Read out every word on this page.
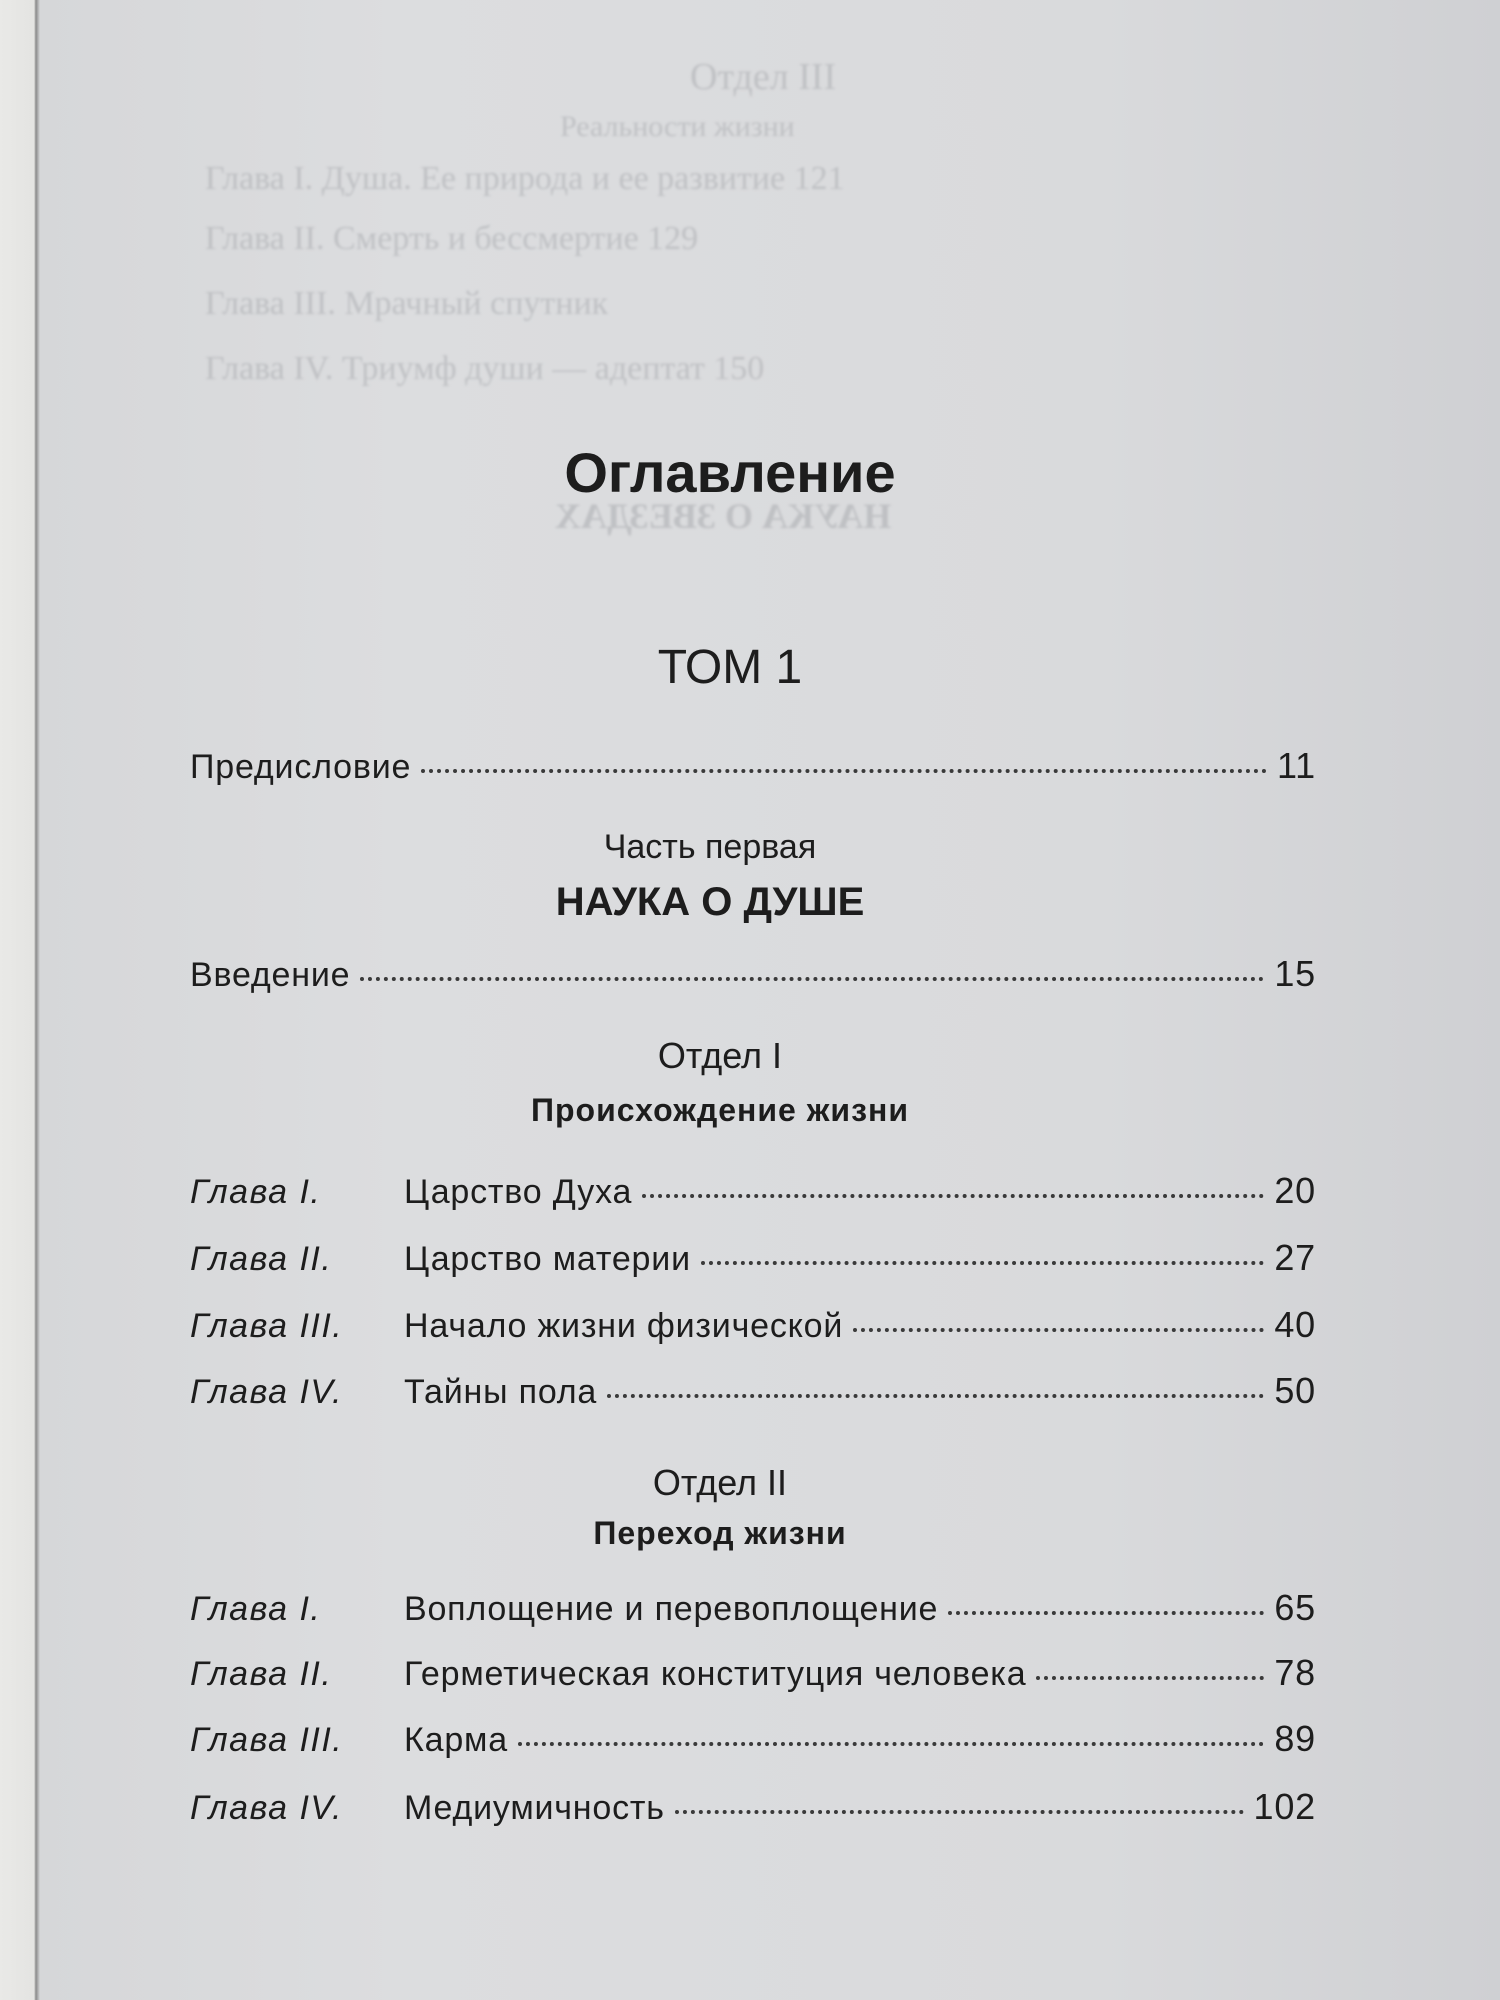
Отдел III
Реальности жизни
Глава I. Душа. Ее природа и ее развитие 121
Глава II. Смерть и бессмертие 129
Глава III. Мрачный спутник
Глава IV. Триумф души — адептат 150
НАУКА О ЗВЕЗДАХ
Оглавление
ТОМ 1
Предисловие	11
Часть первая
НАУКА О ДУШЕ
Введение	15
Отдел I
Происхождение жизни
Глава I.	Царство Духа	20
Глава II.	Царство материи	27
Глава III.	Начало жизни физической	40
Глава IV.	Тайны пола	50
Отдел II
Переход жизни
Глава I.	Воплощение и перевоплощение	65
Глава II.	Герметическая конституция человека	78
Глава III.	Карма	89
Глава IV.	Медиумичность	102
